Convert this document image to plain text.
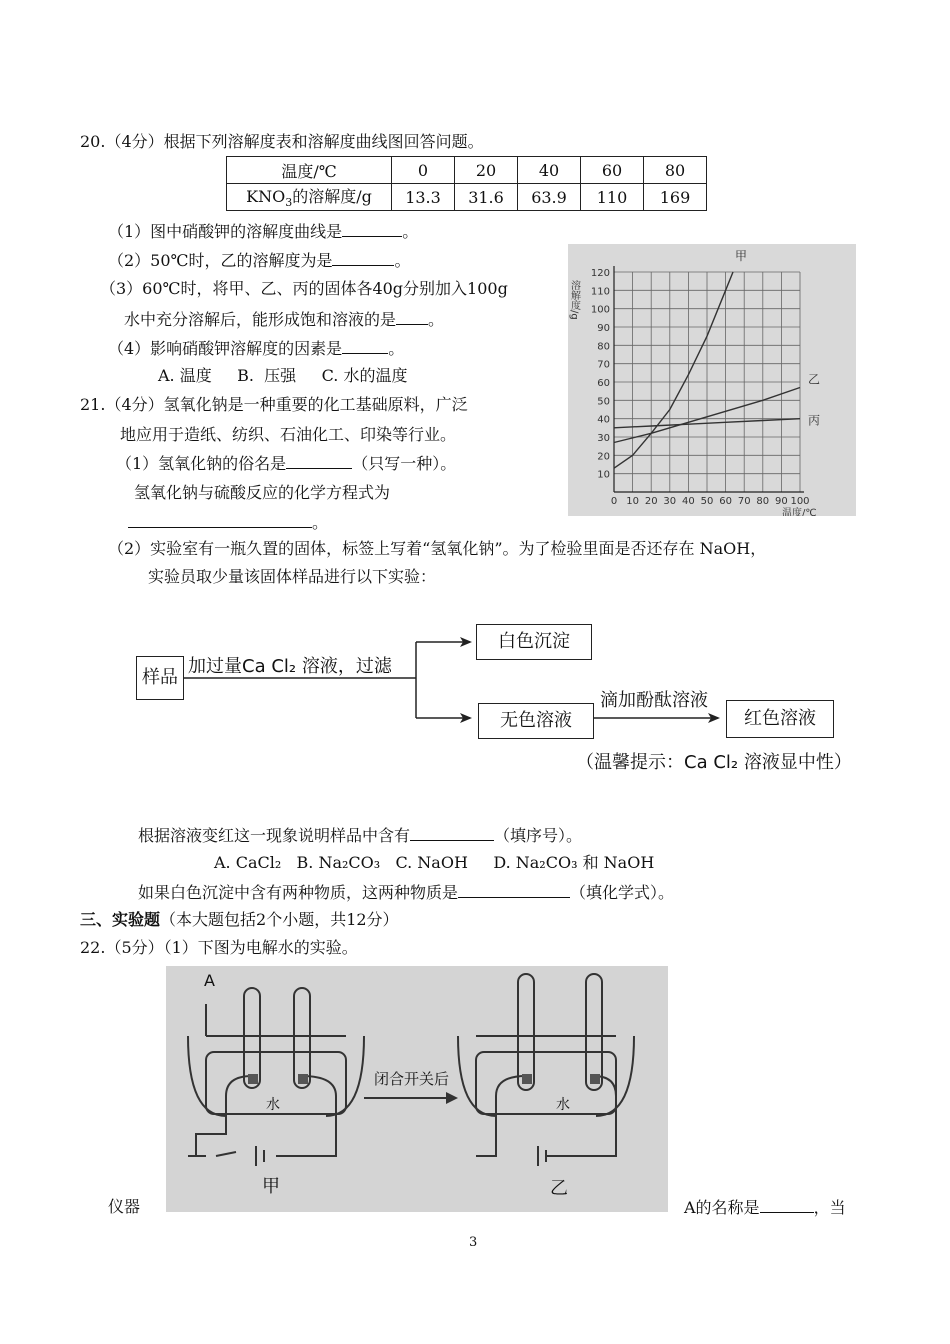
20.（4分）根据下列溶解度表和溶解度曲线图回答问题。
温度/℃	0	20	40	60	80
$KNO_3$的溶解度/g	13.3	31.6	63.9	110	169
（1）图中硝酸钾的溶解度曲线是	。
（2）50℃时，乙的溶解度为是	。
（3）60℃时，将甲、乙、丙的固体各40g分别加入100g
水中充分溶解后，能形成饱和溶液的是 。
（4）影响硝酸钾溶解度的因素是	。
A. 温度     B.  压强     C. 水的温度
120
110
100
90
80
70
60
50
40
30
20
10
0 10 20 30 40 50 60 70 80 90 100
溶解度/g
温度/℃
甲
乙
丙
21.（4分）氢氧化钠是一种重要的化工基础原料，广泛
地应用于造纸、纺织、石油化工、印染等行业。
（1）氢氧化钠的俗名是	（只写一种）。
氢氧化钠与硫酸反应的化学方程式为
。
（2）实验室有一瓶久置的固体，标签上写着“氢氧化钠”。为了检验里面是否还存在 NaOH，
实验员取少量该固体样品进行以下实验：
样品
加过量Ca Cl₂ 溶液，过滤
白色沉淀
无色溶液
滴加酚酞溶液
红色溶液
（温馨提示：Ca Cl₂ 溶液显中性）
根据溶液变红这一现象说明样品中含有	（填序号）。
A. CaCl₂   B. Na₂CO₃   C. NaOH     D. Na₂CO₃ 和 NaOH
如果白色沉淀中含有两种物质，这两种物质是	（填化学式）。
三、实验题（本大题包括2个小题，共12分）
22.（5分）（1）下图为电解水的实验。
A
水	水
闭合开关后
甲	乙
仪器	A的名称是	，当
3
